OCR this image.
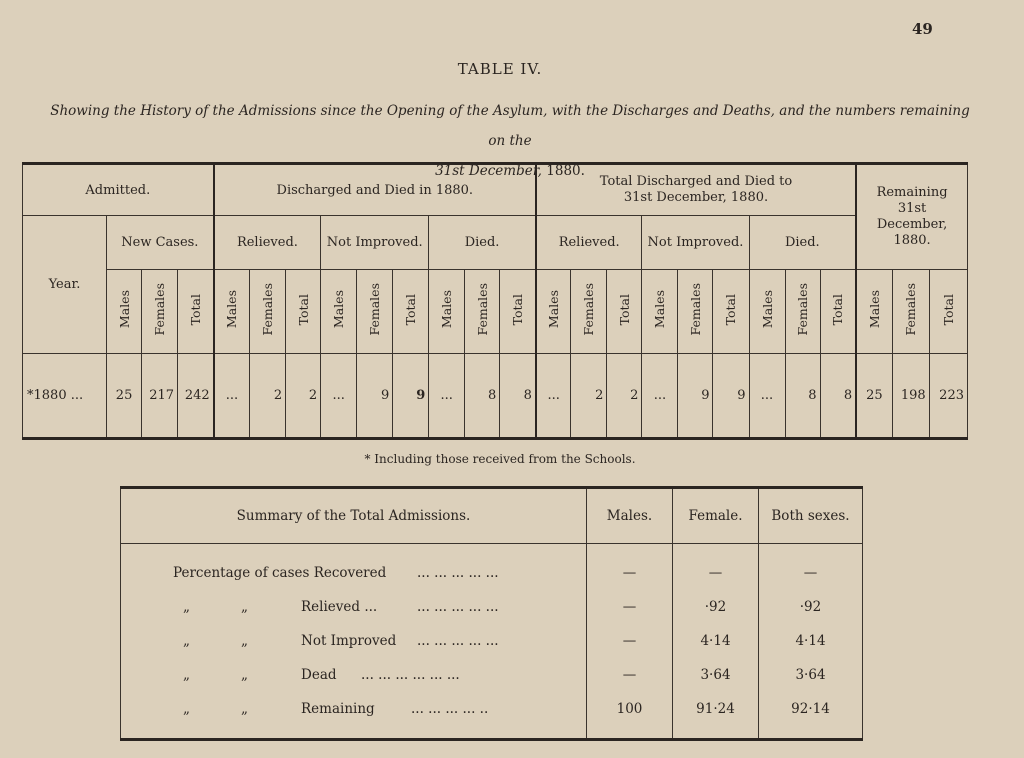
49
TABLE IV.
Showing the History of the Admissions since the Opening of the Asylum, with the Discharges and Deaths, and the numbers remaining on the
31st December, 1880.
Admitted.				Discharged and Died in 1880.									Total Discharged and Died to 31st December, 1880.									Remaining 31st December, 1880.		
Year.	New Cases.			Relieved.			Not Improved.			Died.			Relieved.			Not Improved.			Died.					
	Males	Females	Total	Males	Females	Total	Males	Females	Total	Males	Females	Total	Males	Females	Total	Males	Females	Total	Males	Females	Total	Males	Females	Total
*1880 ...	25	217	242	...	2	2	...	9	9	...	8	8	...	2	2	...	9	9	...	8	8	25	198	223
* Including those received from the Schools.
Summary of the Total Admissions.	Males.	Female.	Both sexes.

Percentage of cases Recovered ... ... ... ... ...	—	—	—
„ „ Relieved ... ... ... ... ... ...	—	·92	·92
„ „ Not Improved ... ... ... ... ...	—	4·14	4·14
„ „ Dead ... ... ... ... ... ...	—	3·64	3·64
„ „ Remaining ... ... ... ... ..	100	91·24	92·14
